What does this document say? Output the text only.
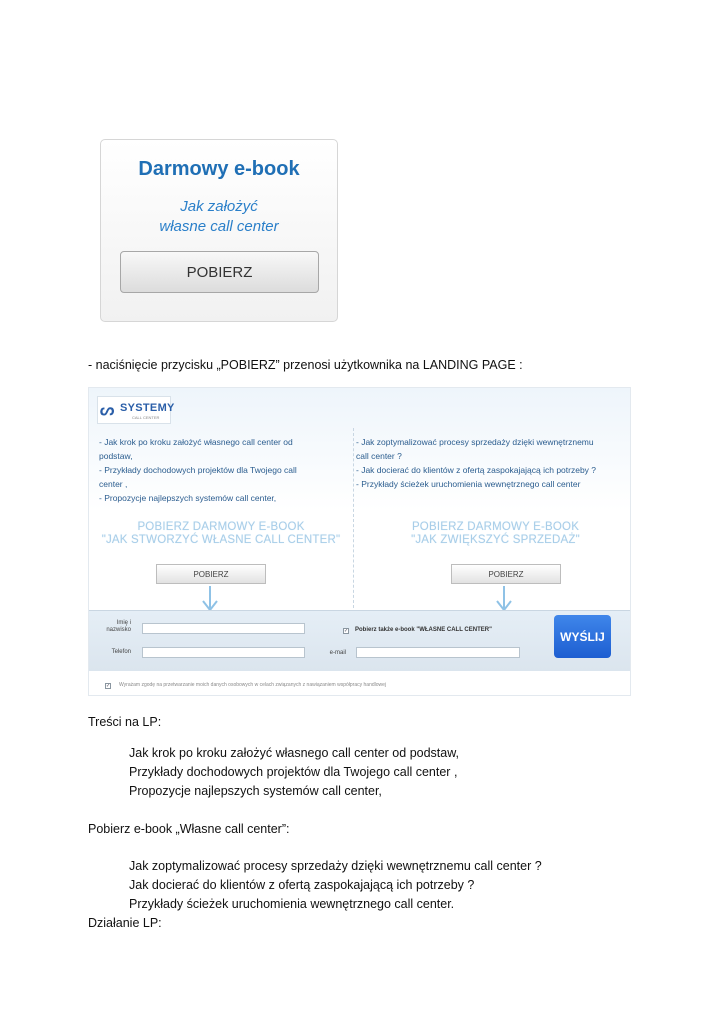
Darmowy e-book
Jak założyć
własne call center
POBIERZ
- naciśnięcie przycisku „POBIERZ” przenosi użytkownika na LANDING PAGE :
ᔕ SYSTEMY
CALL CENTER
- Jak krok po kroku założyć własnego call center od
podstaw,
- Przykłady dochodowych projektów dla Twojego call
center ,
- Propozycje najlepszych systemów call center,
- Jak zoptymalizować procesy sprzedaży dzięki wewnętrznemu
call center ?
- Jak docierać do klientów z ofertą zaspokajającą ich potrzeby ?
- Przykłady ścieżek uruchomienia wewnętrznego call center
POBIERZ DARMOWY E-BOOK
"JAK STWORZYĆ WŁASNE CALL CENTER"
POBIERZ DARMOWY E-BOOK
"JAK ZWIĘKSZYĆ SPRZEDAŻ"
POBIERZ	POBIERZ
Imię i
nazwisko
Telefon
✓ Pobierz także e-book "WŁASNE CALL CENTER"
e-mail
WYŚLIJ
✓ Wyrażam zgodę na przetwarzanie moich danych osobowych w celach związanych z nawiązaniem współpracy handlowej
Treści na LP:
Jak krok po kroku założyć własnego call center od podstaw,
Przykłady dochodowych projektów dla Twojego call center ,
Propozycje najlepszych systemów call center,
Pobierz e-book „Własne call center”:
Jak zoptymalizować procesy sprzedaży dzięki wewnętrznemu call center ?
Jak docierać do klientów z ofertą zaspokajającą ich potrzeby ?
Przykłady ścieżek uruchomienia wewnętrznego call center.
Działanie LP:
